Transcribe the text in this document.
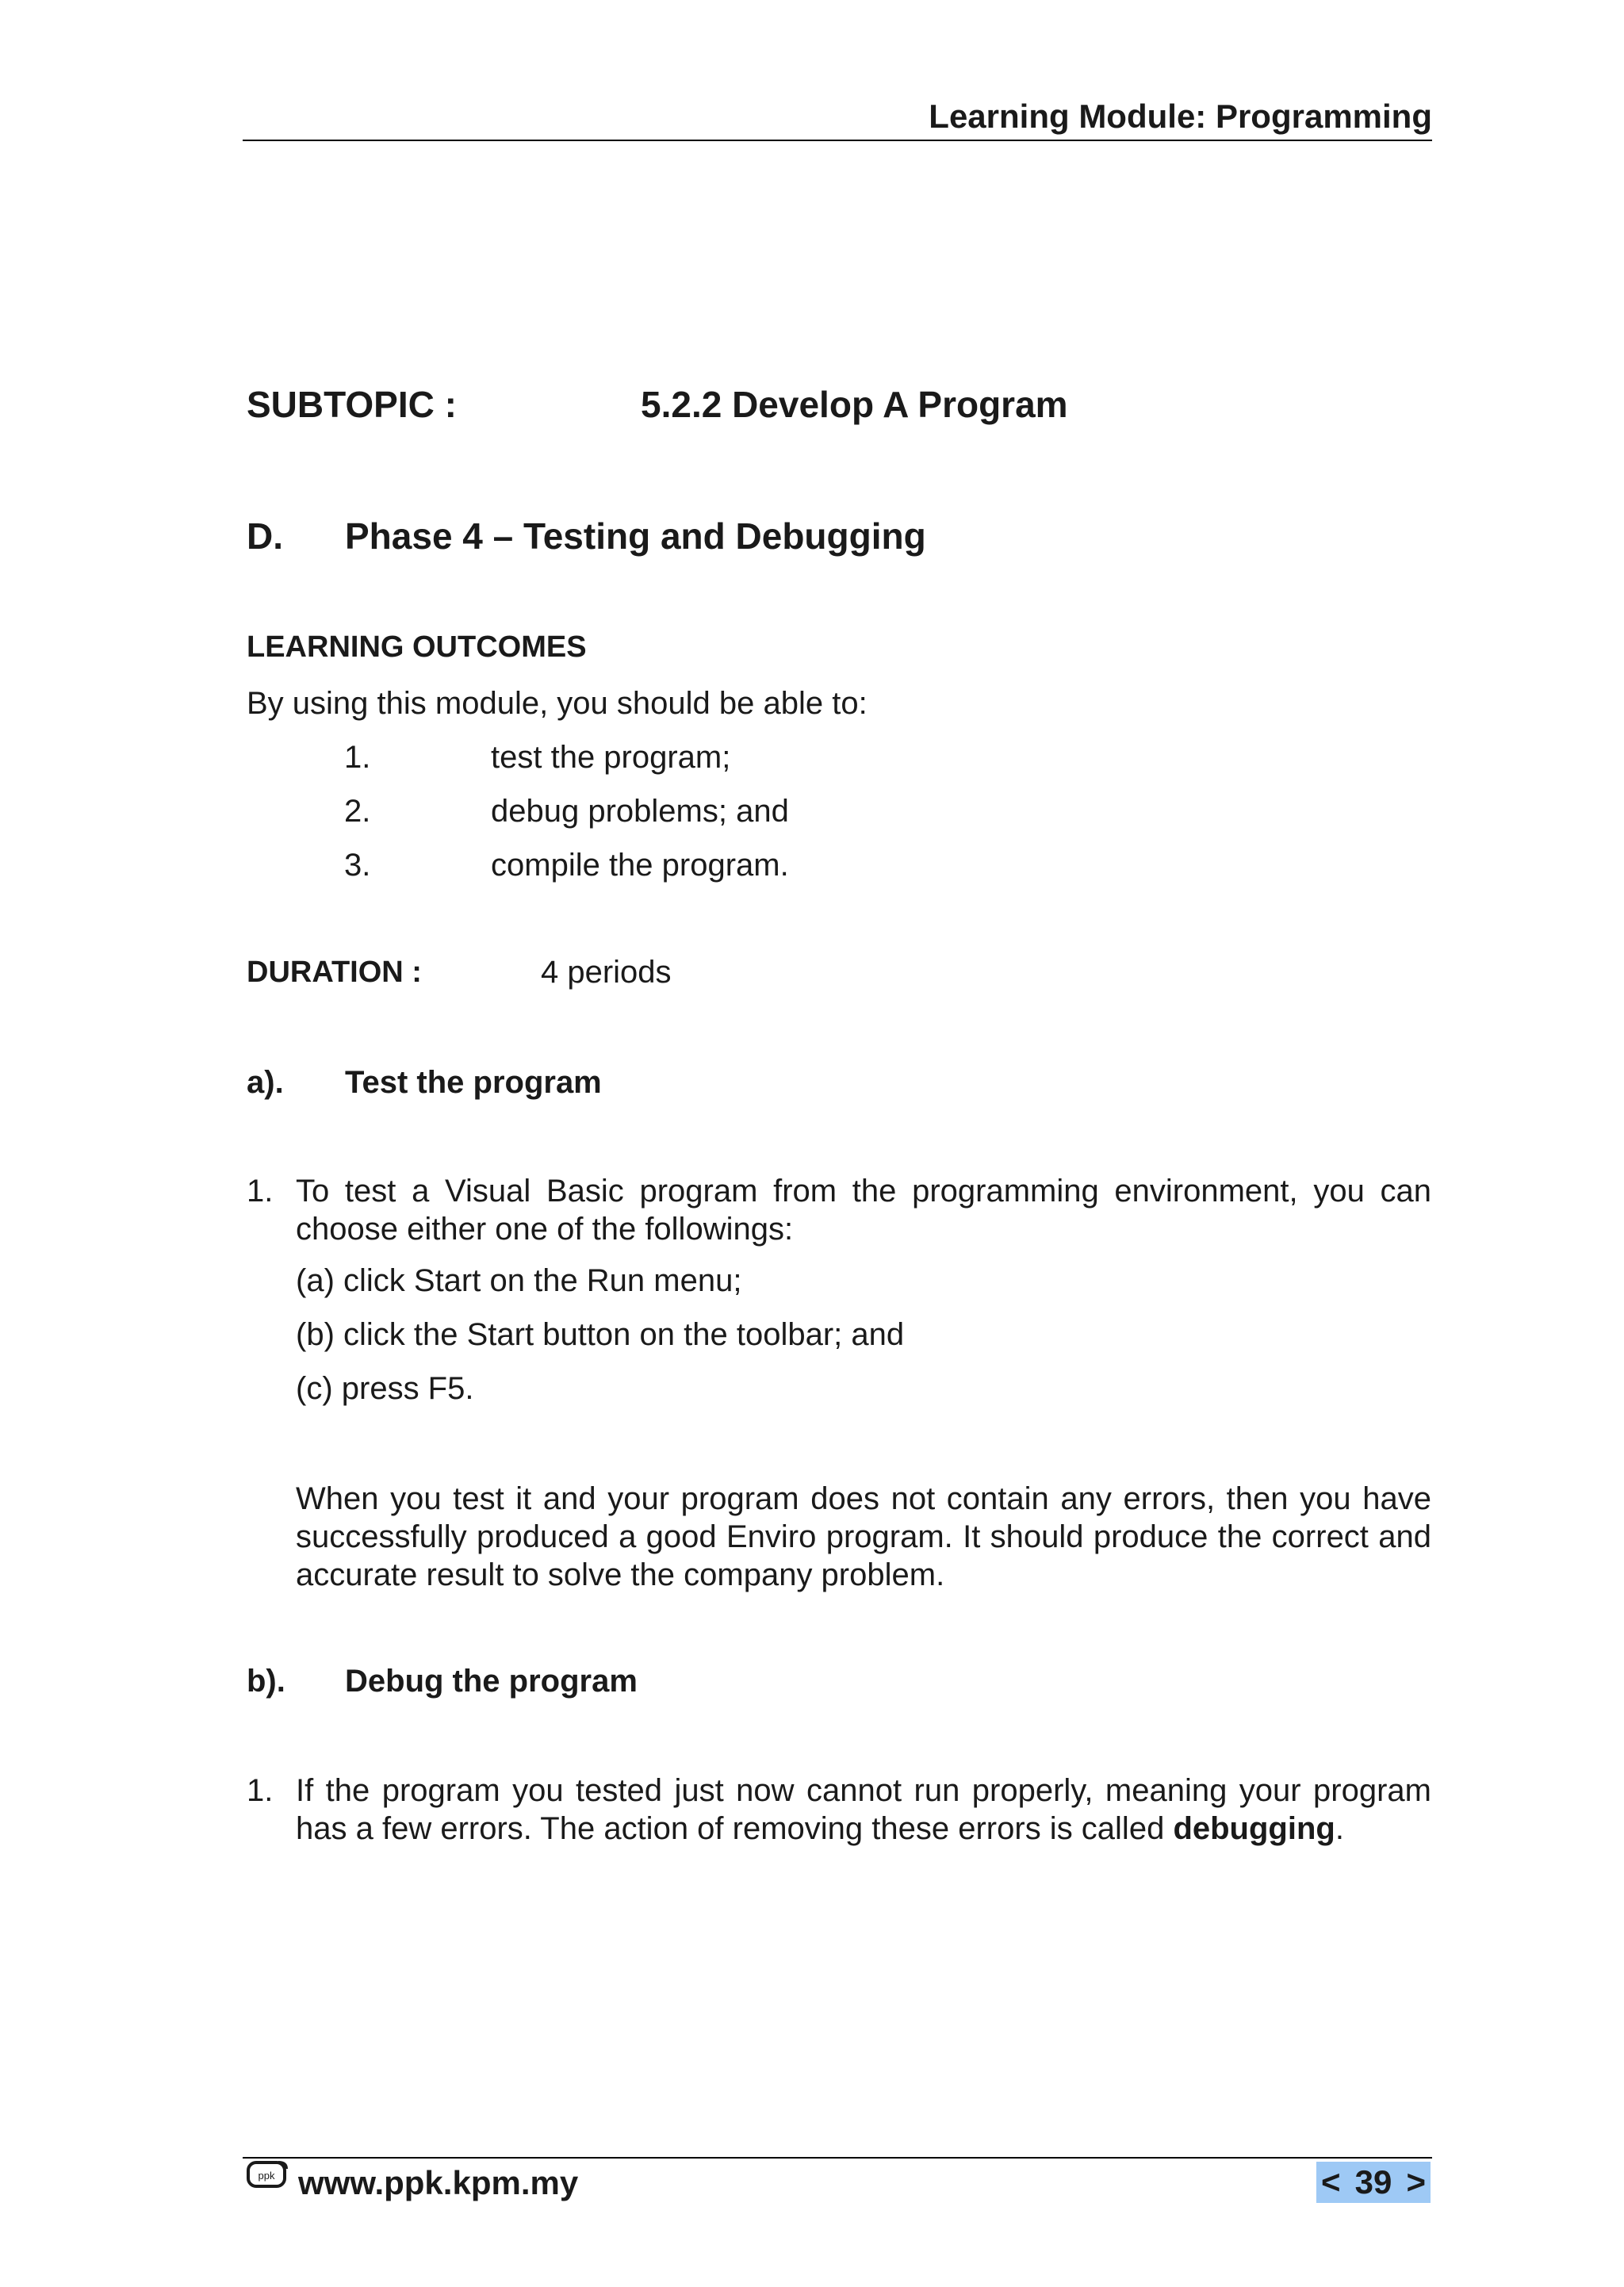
Learning Module: Programming
SUBTOPIC :	5.2.2 Develop A Program
D. Phase 4 – Testing and Debugging
LEARNING OUTCOMES
By using this module, you should be able to:
1.	test the program;
2.	debug problems; and
3.	compile the program.
DURATION :	4 periods
a). Test the program
1. To test a Visual Basic program from the programming environment, you can choose either one of the followings:
(a) click Start on the Run menu;
(b) click the Start button on the toolbar; and
(c) press F5.
When you test it and your program does not contain any errors, then you have successfully produced a good Enviro program. It should produce the correct and accurate result to solve the company problem.
b). Debug the program
1. If the program you tested just now cannot run properly, meaning your program has a few errors. The action of removing these errors is called debugging.
ppk www.ppk.kpm.my	< 39 >
